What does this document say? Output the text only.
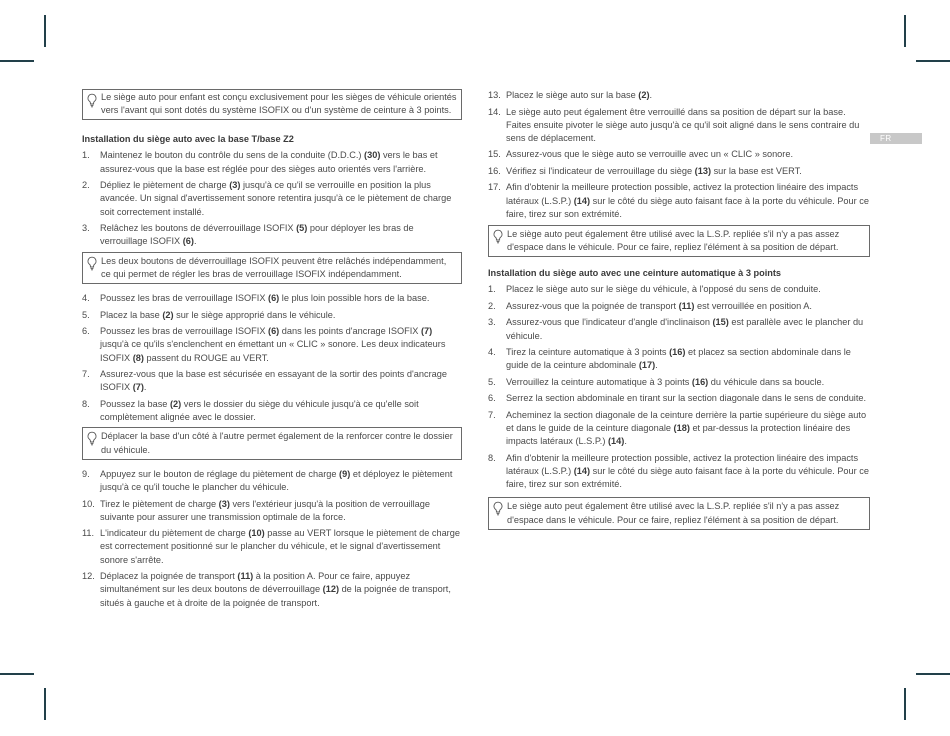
FR
Le siège auto pour enfant est conçu exclusivement pour les sièges de véhicule orientés vers l'avant qui sont dotés du système ISOFIX ou d'un système de ceinture à 3 points.
Installation du siège auto avec la base T/base Z2
1. Maintenez le bouton du contrôle du sens de la conduite (D.D.C.) (30) vers le bas et assurez-vous que la base est réglée pour des sièges auto orientés vers l'arrière.
2. Dépliez le piètement de charge (3) jusqu'à ce qu'il se verrouille en position la plus avancée. Un signal d'avertissement sonore retentira jusqu'à ce le piètement de charge soit correctement installé.
3. Relâchez les boutons de déverrouillage ISOFIX (5) pour déployer les bras de verrouillage ISOFIX (6).
Les deux boutons de déverrouillage ISOFIX peuvent être relâchés indépendamment, ce qui permet de régler les bras de verrouillage ISOFIX indépendamment.
4. Poussez les bras de verrouillage ISOFIX (6) le plus loin possible hors de la base.
5. Placez la base (2) sur le siège approprié dans le véhicule.
6. Poussez les bras de verrouillage ISOFIX (6) dans les points d'ancrage ISOFIX (7) jusqu'à ce qu'ils s'enclenchent en émettant un « CLIC » sonore. Les deux indicateurs ISOFIX (8) passent du ROUGE au VERT.
7. Assurez-vous que la base est sécurisée en essayant de la sortir des points d'ancrage ISOFIX (7).
8. Poussez la base (2) vers le dossier du siège du véhicule jusqu'à ce qu'elle soit complètement alignée avec le dossier.
Déplacer la base d'un côté à l'autre permet également de la renforcer contre le dossier du véhicule.
9. Appuyez sur le bouton de réglage du piètement de charge (9) et déployez le piètement jusqu'à ce qu'il touche le plancher du véhicule.
10. Tirez le piètement de charge (3) vers l'extérieur jusqu'à la position de verrouillage suivante pour assurer une transmission optimale de la force.
11. L'indicateur du piètement de charge (10) passe au VERT lorsque le piètement de charge est correctement positionné sur le plancher du véhicule, et le signal d'avertissement sonore s'arrête.
12. Déplacez la poignée de transport (11) à la position A. Pour ce faire, appuyez simultanément sur les deux boutons de déverrouillage (12) de la poignée de transport, situés à gauche et à droite de la poignée de transport.
13. Placez le siège auto sur la base (2).
14. Le siège auto peut également être verrouillé dans sa position de départ sur la base. Faites ensuite pivoter le siège auto jusqu'à ce qu'il soit aligné dans le sens contraire du sens de déplacement.
15. Assurez-vous que le siège auto se verrouille avec un « CLIC » sonore.
16. Vérifiez si l'indicateur de verrouillage du siège (13) sur la base est VERT.
17. Afin d'obtenir la meilleure protection possible, activez la protection linéaire des impacts latéraux (L.S.P.) (14) sur le côté du siège auto faisant face à la porte du véhicule. Pour ce faire, tirez sur son extrémité.
Le siège auto peut également être utilisé avec la L.S.P. repliée s'il n'y a pas assez d'espace dans le véhicule. Pour ce faire, repliez l'élément à sa position de départ.
Installation du siège auto avec une ceinture automatique à 3 points
1. Placez le siège auto sur le siège du véhicule, à l'opposé du sens de conduite.
2. Assurez-vous que la poignée de transport (11) est verrouillée en position A.
3. Assurez-vous que l'indicateur d'angle d'inclinaison (15) est parallèle avec le plancher du véhicule.
4. Tirez la ceinture automatique à 3 points (16) et placez sa section abdominale dans le guide de la ceinture abdominale (17).
5. Verrouillez la ceinture automatique à 3 points (16) du véhicule dans sa boucle.
6. Serrez la section abdominale en tirant sur la section diagonale dans le sens de conduite.
7. Acheminez la section diagonale de la ceinture derrière la partie supérieure du siège auto et dans le guide de la ceinture diagonale (18) et par-dessus la protection linéaire des impacts latéraux (L.S.P.) (14).
8. Afin d'obtenir la meilleure protection possible, activez la protection linéaire des impacts latéraux (L.S.P.) (14) sur le côté du siège auto faisant face à la porte du véhicule. Pour ce faire, tirez sur son extrémité.
Le siège auto peut également être utilisé avec la L.S.P. repliée s'il n'y a pas assez d'espace dans le véhicule. Pour ce faire, repliez l'élément à sa position de départ.
